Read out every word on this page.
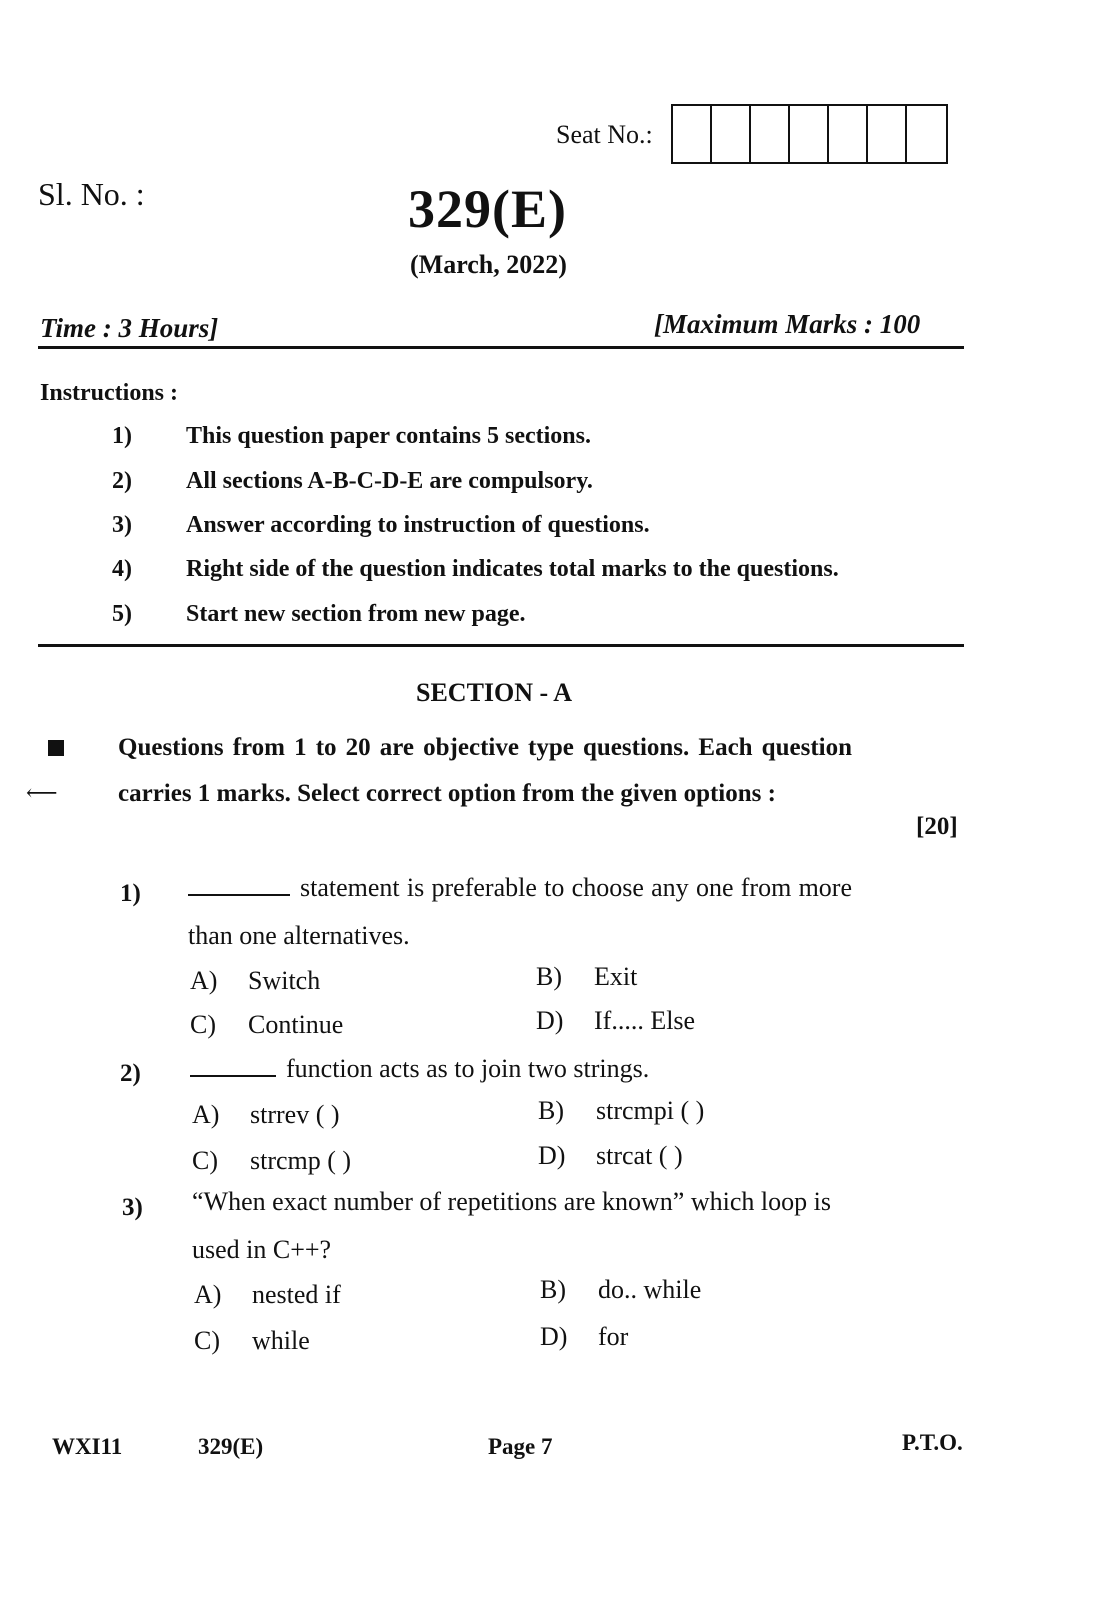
Seat No.:
Sl. No. :	329(E)
(March, 2022)
Time : 3 Hours]	[Maximum Marks : 100
Instructions :
1) This question paper contains 5 sections.
2) All sections A-B-C-D-E are compulsory.
3) Answer according to instruction of questions.
4) Right side of the question indicates total marks to the questions.
5) Start new section from new page.
SECTION - A
⟵
Questions from 1 to 20 are objective type questions. Each question carries 1 marks. Select correct option from the given options :
[20]
1)	statement is preferable to choose any one from more than one alternatives.
A) Switch	B) Exit
C) Continue	D) If..... Else
2)	function acts as to join two strings.
A) strrev ( )	B) strcmpi ( )
C) strcmp ( )	D) strcat ( )
3) “When exact number of repetitions are known” which loop is used in C++?
A) nested if	B) do.. while
C) while	D) for
WXI11	329(E)	Page 7	P.T.O.
